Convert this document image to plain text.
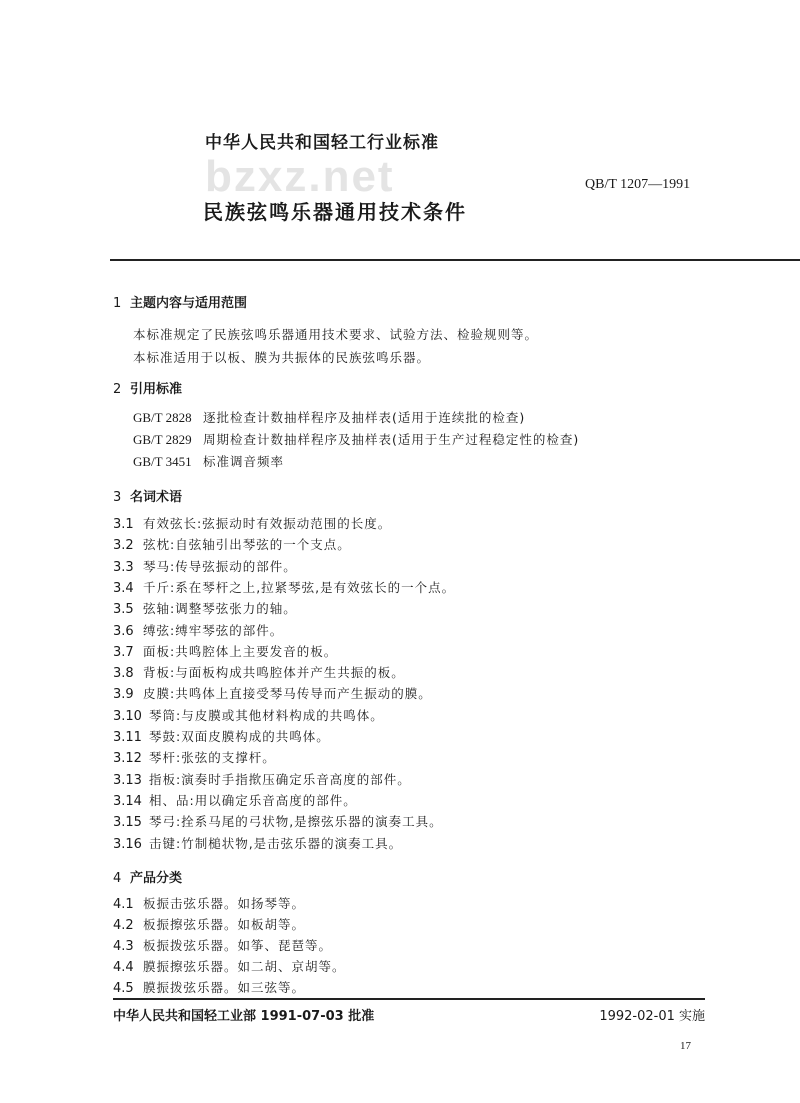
bzxz.net
中华人民共和国轻工行业标准
QB/T 1207—1991
民族弦鸣乐器通用技术条件
1 主题内容与适用范围
本标准规定了民族弦鸣乐器通用技术要求、试验方法、检验规则等。
本标准适用于以板、膜为共振体的民族弦鸣乐器。
2 引用标准
GB/T 2828 逐批检查计数抽样程序及抽样表(适用于连续批的检查)
GB/T 2829 周期检查计数抽样程序及抽样表(适用于生产过程稳定性的检查)
GB/T 3451 标准调音频率
3 名词术语
3.1 有效弦长:弦振动时有效振动范围的长度。
3.2 弦枕:自弦轴引出琴弦的一个支点。
3.3 琴马:传导弦振动的部件。
3.4 千斤:系在琴杆之上,拉紧琴弦,是有效弦长的一个点。
3.5 弦轴:调整琴弦张力的轴。
3.6 缚弦:缚牢琴弦的部件。
3.7 面板:共鸣腔体上主要发音的板。
3.8 背板:与面板构成共鸣腔体并产生共振的板。
3.9 皮膜:共鸣体上直接受琴马传导而产生振动的膜。
3.10 琴筒:与皮膜或其他材料构成的共鸣体。
3.11 琴鼓:双面皮膜构成的共鸣体。
3.12 琴杆:张弦的支撑杆。
3.13 指板:演奏时手指揿压确定乐音高度的部件。
3.14 相、品:用以确定乐音高度的部件。
3.15 琴弓:拴系马尾的弓状物,是擦弦乐器的演奏工具。
3.16 击键:竹制槌状物,是击弦乐器的演奏工具。
4 产品分类
4.1 板振击弦乐器。如扬琴等。
4.2 板振擦弦乐器。如板胡等。
4.3 板振拨弦乐器。如筝、琵琶等。
4.4 膜振擦弦乐器。如二胡、京胡等。
4.5 膜振拨弦乐器。如三弦等。
中华人民共和国轻工业部 1991-07-03 批准	1992-02-01 实施
17
